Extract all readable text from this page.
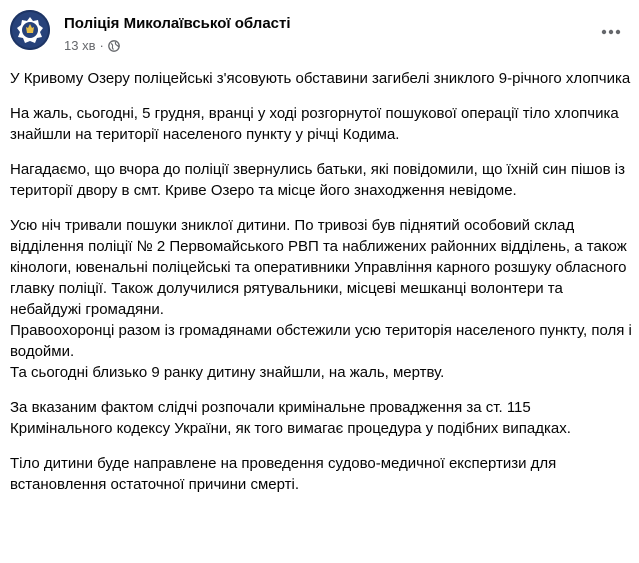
Поліція Миколаївської області
13 хв ·

У Кривому Озеру поліцейські з'ясовують обставини загибелі зниклого 9-річного хлопчика

На жаль, сьогодні, 5 грудня, вранці у ході розгорнутої пошукової операції тіло хлопчика знайшли на території населеного пункту у річці Кодима.

Нагадаємо, що вчора до поліції звернулись батьки, які повідомили, що їхній син пішов із території двору в смт. Криве Озеро та місце його знаходження невідоме.

Усю ніч тривали пошуки зниклої дитини. По тривозі був піднятий особовий склад відділення поліції № 2 Первомайського РВП та наближених районних відділень, а також кінологи, ювенальні поліцейські та оперативники Управління карного розшуку обласного главку поліції. Також долучилися рятувальники, місцеві мешканці волонтери та небайдужі громадяни.
Правоохоронці разом із громадянами обстежили усю територія населеного пункту, поля і водойми.
Та сьогодні близько 9 ранку дитину знайшли, на жаль, мертву.

За вказаним фактом слідчі розпочали кримінальне провадження за ст. 115 Кримінального кодексу України, як того вимагає процедура у подібних випадках.

Тіло дитини буде направлене на проведення судово-медичної експертизи для встановлення остаточної причини смерті.
